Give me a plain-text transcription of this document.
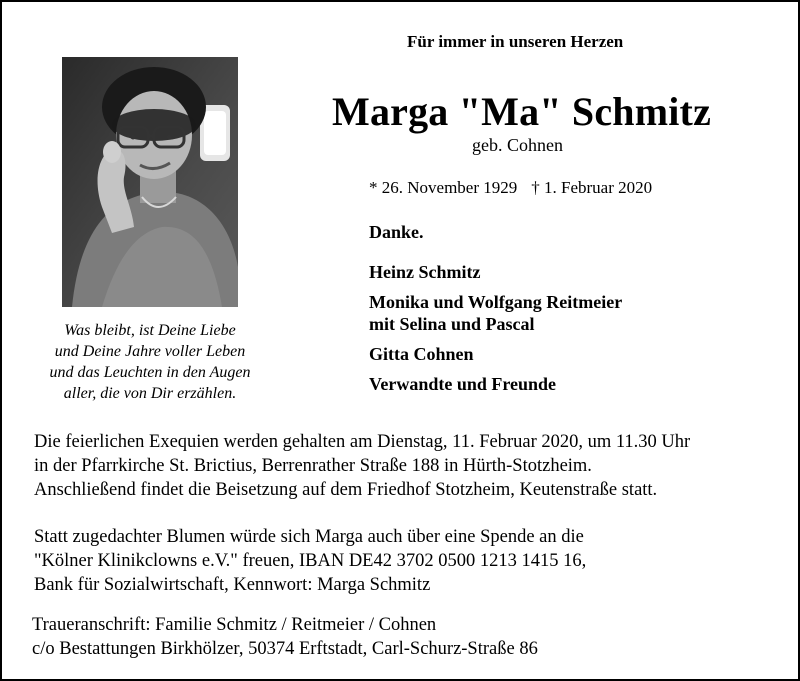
Für immer in unseren Herzen
Was bleibt, ist Deine Liebe
und Deine Jahre voller Leben
und das Leuchten in den Augen
aller, die von Dir erzählen.
Marga "Ma" Schmitz
geb. Cohnen
* 26. November 1929 † 1. Februar 2020
Danke.
Heinz Schmitz
Monika und Wolfgang Reitmeier
mit Selina und Pascal
Gitta Cohnen
Verwandte und Freunde
Die feierlichen Exequien werden gehalten am Dienstag, 11. Februar 2020, um 11.30 Uhr
in der Pfarrkirche St. Brictius, Berrenrather Straße 188 in Hürth-Stotzheim.
Anschließend findet die Beisetzung auf dem Friedhof Stotzheim, Keutenstraße statt.
Statt zugedachter Blumen würde sich Marga auch über eine Spende an die
"Kölner Klinikclowns e.V." freuen, IBAN DE42 3702 0500 1213 1415 16,
Bank für Sozialwirtschaft, Kennwort: Marga Schmitz
Traueranschrift: Familie Schmitz / Reitmeier / Cohnen
c/o Bestattungen Birkhölzer, 50374 Erftstadt, Carl-Schurz-Straße 86
